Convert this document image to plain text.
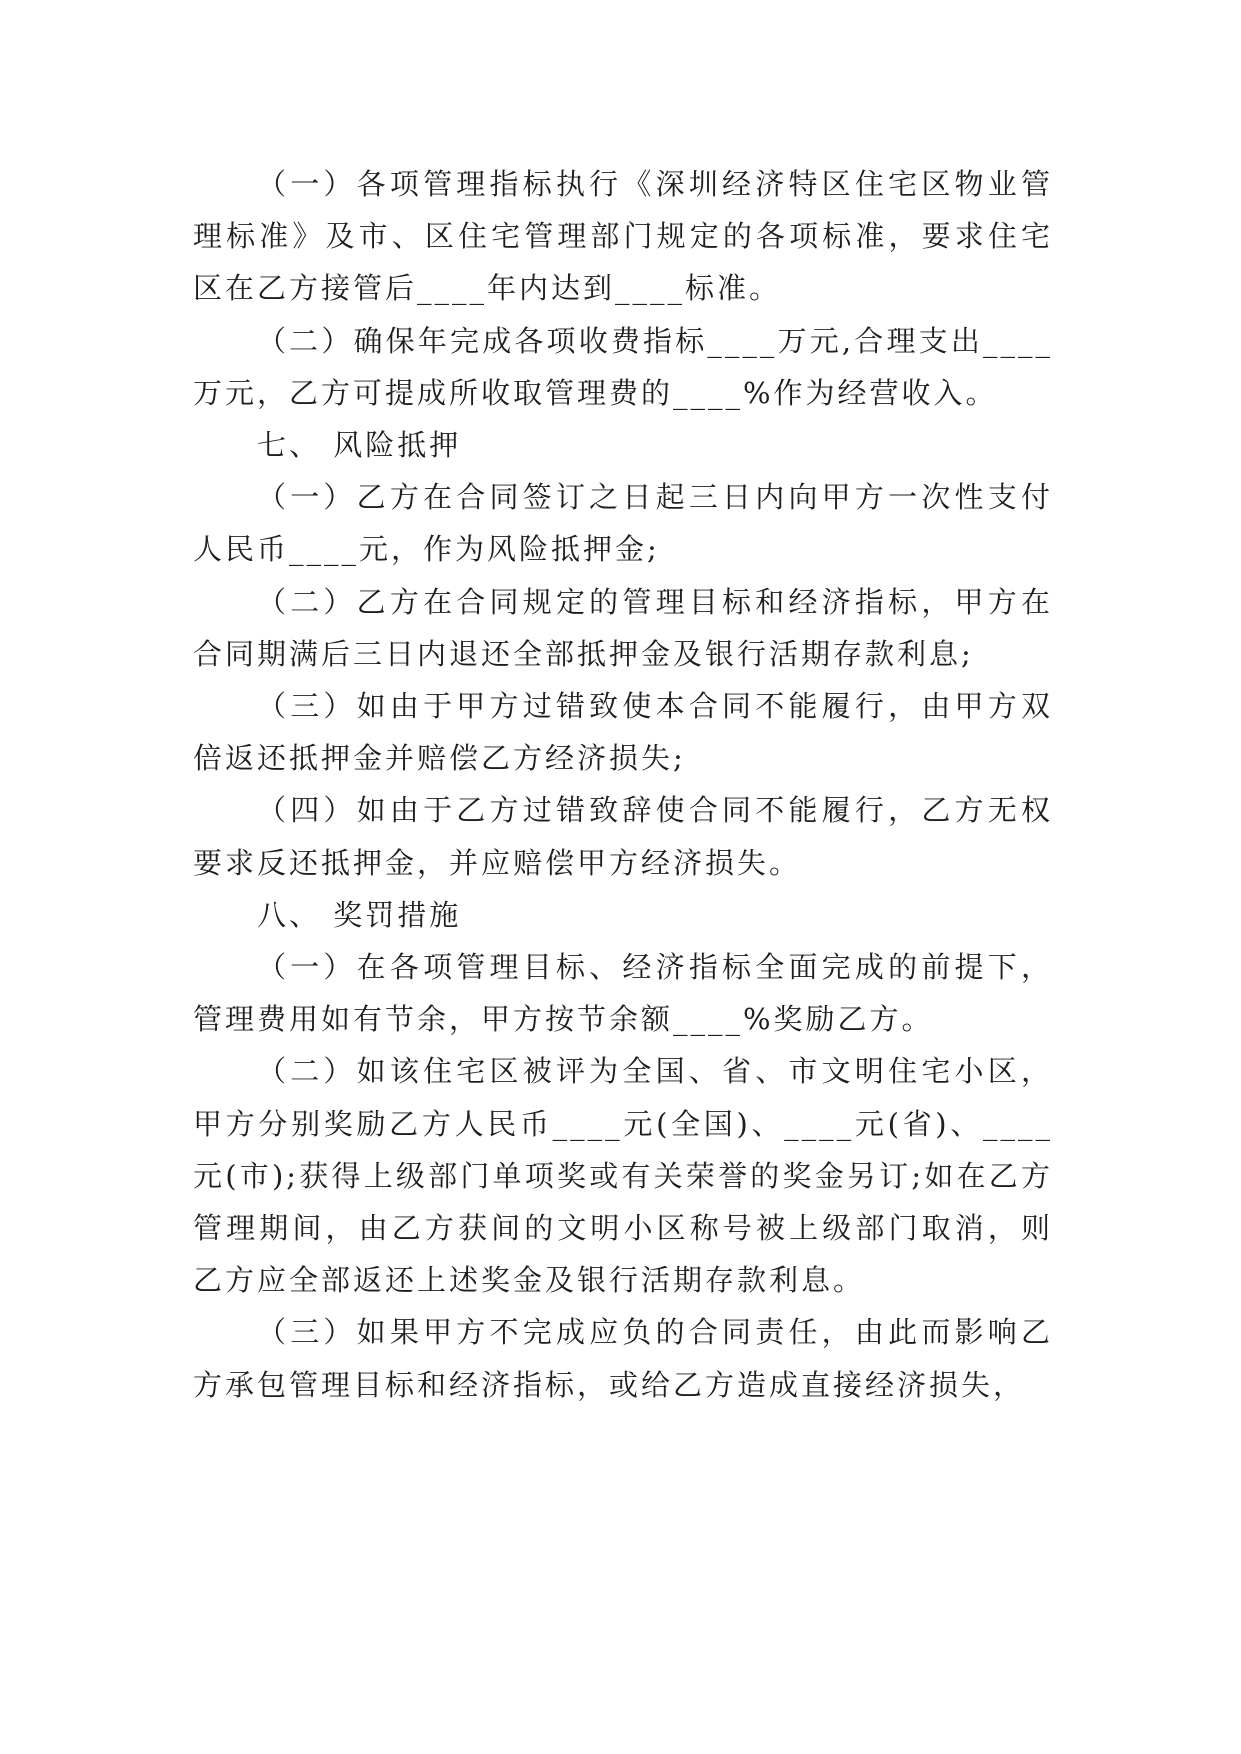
（一）各项管理指标执行《深圳经济特区住宅区物业管理标准》及市、区住宅管理部门规定的各项标准，要求住宅区在乙方接管后____年内达到____标准。

（二）确保年完成各项收费指标____万元,合理支出____万元，乙方可提成所收取管理费的____%作为经营收入。

七、 风险抵押

（一）乙方在合同签订之日起三日内向甲方一次性支付人民币____元，作为风险抵押金;

（二）乙方在合同规定的管理目标和经济指标，甲方在合同期满后三日内退还全部抵押金及银行活期存款利息;

（三）如由于甲方过错致使本合同不能履行，由甲方双倍返还抵押金并赔偿乙方经济损失;

（四）如由于乙方过错致辞使合同不能履行，乙方无权要求反还抵押金，并应赔偿甲方经济损失。

八、 奖罚措施

（一）在各项管理目标、经济指标全面完成的前提下，管理费用如有节余，甲方按节余额____%奖励乙方。

（二）如该住宅区被评为全国、省、市文明住宅小区，甲方分别奖励乙方人民币____元(全国)、____元(省)、____元(市);获得上级部门单项奖或有关荣誉的奖金另订;如在乙方管理期间，由乙方获间的文明小区称号被上级部门取消，则乙方应全部返还上述奖金及银行活期存款利息。

（三）如果甲方不完成应负的合同责任，由此而影响乙方承包管理目标和经济指标，或给乙方造成直接经济损失，
